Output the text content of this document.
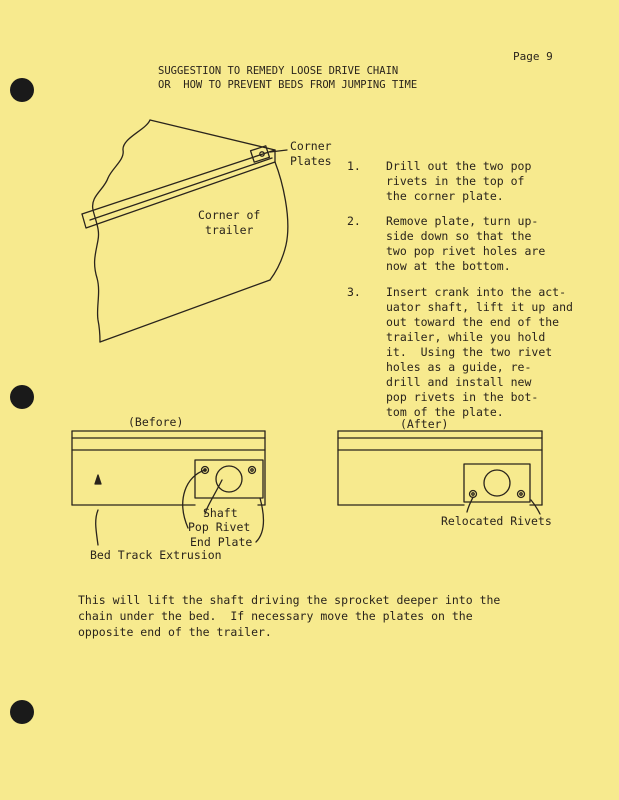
Page 9
SUGGESTION TO REMEDY LOOSE DRIVE CHAIN
OR  HOW TO PREVENT BEDS FROM JUMPING TIME
Corner
Plates
Corner of
trailer
1. Drill out the two pop
rivets in the top of
the corner plate.
2. Remove plate, turn up-
side down so that the
two pop rivet holes are
now at the bottom.
3. Insert crank into the act-
uator shaft, lift it up and
out toward the end of the
trailer, while you hold
it.  Using the two rivet
holes as a guide, re-
drill and install new
pop rivets in the bot-
tom of the plate.
(Before)	(After)
Shaft
Pop Rivet
End Plate
Bed Track Extrusion
Relocated Rivets
This will lift the shaft driving the sprocket deeper into the
chain under the bed.  If necessary move the plates on the
opposite end of the trailer.
